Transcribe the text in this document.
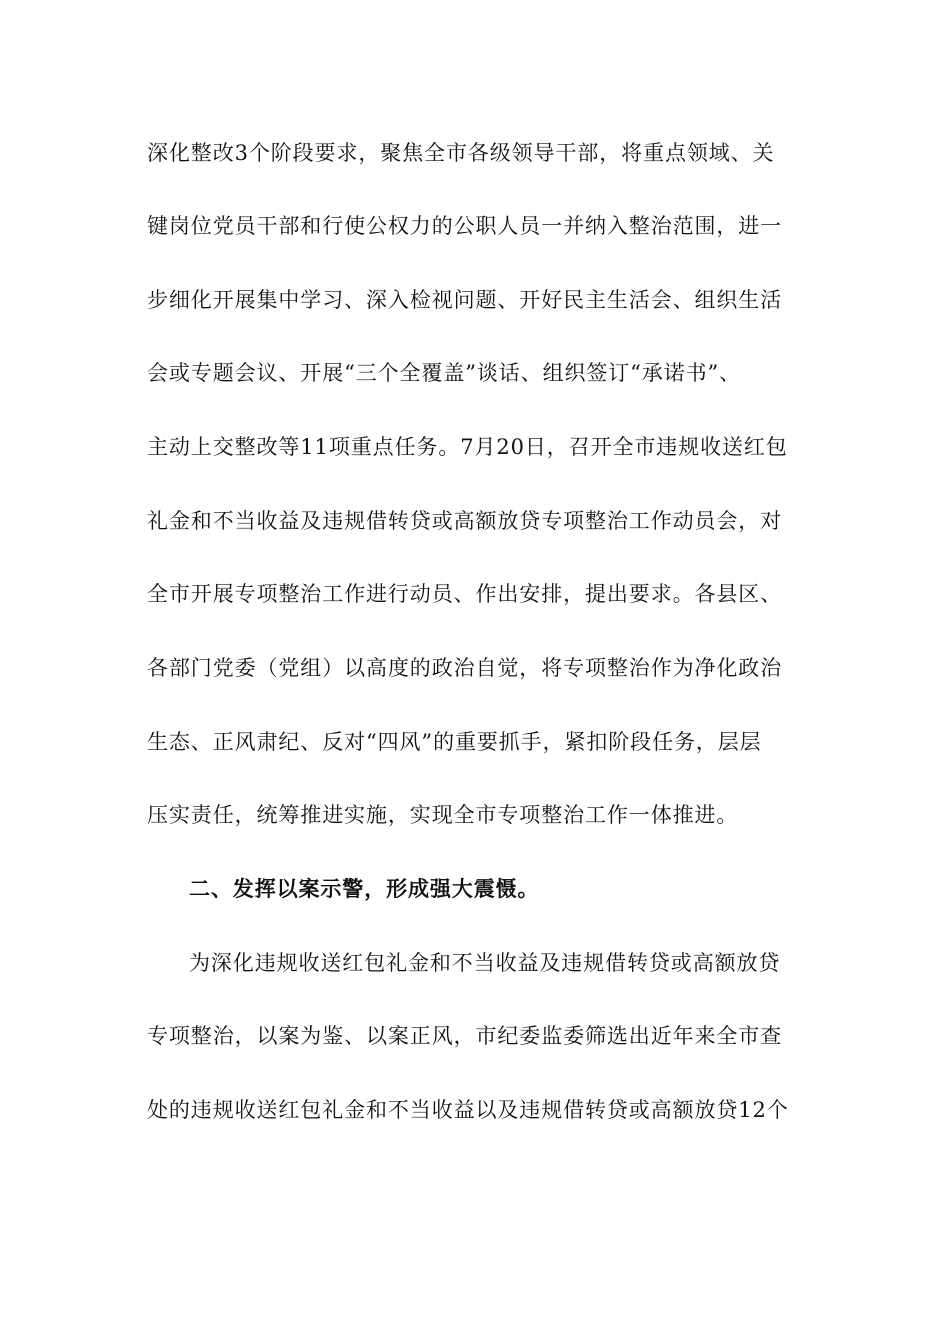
深化整改3个阶段要求，聚焦全市各级领导干部，将重点领域、关
键岗位党员干部和行使公权力的公职人员一并纳入整治范围，进一
步细化开展集中学习、深入检视问题、开好民主生活会、组织生活
会或专题会议、开展“三个全覆盖”谈话、组织签订“承诺书”、
主动上交整改等11项重点任务。7月20日，召开全市违规收送红包
礼金和不当收益及违规借转贷或高额放贷专项整治工作动员会，对
全市开展专项整治工作进行动员、作出安排，提出要求。各县区、
各部门党委（党组）以高度的政治自觉，将专项整治作为净化政治
生态、正风肃纪、反对“四风”的重要抓手，紧扣阶段任务，层层
压实责任，统筹推进实施，实现全市专项整治工作一体推进。
二、发挥以案示警，形成强大震慑。
为深化违规收送红包礼金和不当收益及违规借转贷或高额放贷
专项整治，以案为鉴、以案正风，市纪委监委筛选出近年来全市查
处的违规收送红包礼金和不当收益以及违规借转贷或高额放贷12个
